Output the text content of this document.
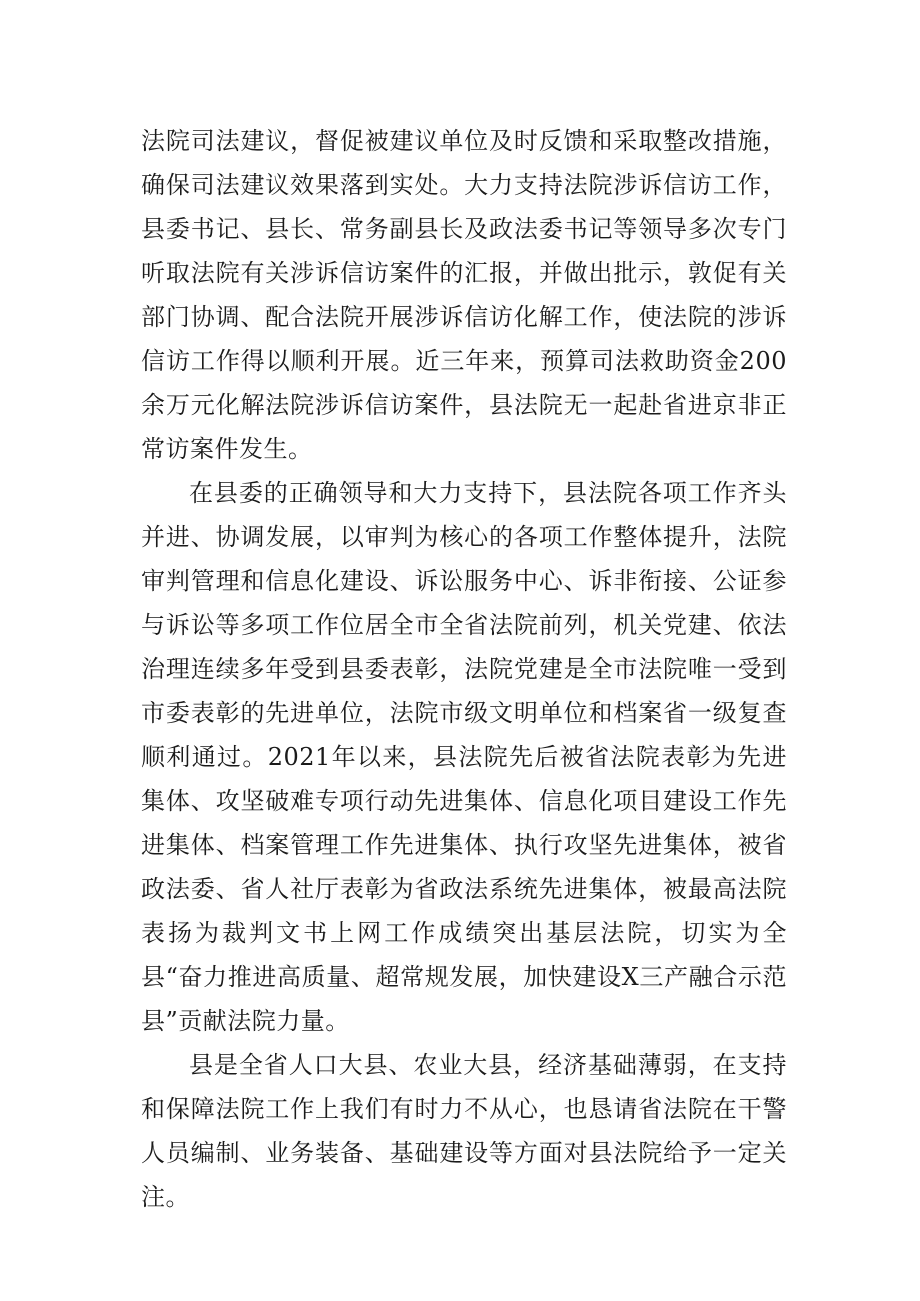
法院司法建议，督促被建议单位及时反馈和采取整改措施，确保司法建议效果落到实处。大力支持法院涉诉信访工作，县委书记、县长、常务副县长及政法委书记等领导多次专门听取法院有关涉诉信访案件的汇报，并做出批示，敦促有关部门协调、配合法院开展涉诉信访化解工作，使法院的涉诉信访工作得以顺利开展。近三年来，预算司法救助资金200余万元化解法院涉诉信访案件，县法院无一起赴省进京非正常访案件发生。

在县委的正确领导和大力支持下，县法院各项工作齐头并进、协调发展，以审判为核心的各项工作整体提升，法院审判管理和信息化建设、诉讼服务中心、诉非衔接、公证参与诉讼等多项工作位居全市全省法院前列，机关党建、依法治理连续多年受到县委表彰，法院党建是全市法院唯一受到市委表彰的先进单位，法院市级文明单位和档案省一级复查顺利通过。2021年以来，县法院先后被省法院表彰为先进集体、攻坚破难专项行动先进集体、信息化项目建设工作先进集体、档案管理工作先进集体、执行攻坚先进集体，被省政法委、省人社厅表彰为省政法系统先进集体，被最高法院表扬为裁判文书上网工作成绩突出基层法院，切实为全县“奋力推进高质量、超常规发展，加快建设X三产融合示范县”贡献法院力量。

县是全省人口大县、农业大县，经济基础薄弱，在支持和保障法院工作上我们有时力不从心，也恳请省法院在干警人员编制、业务装备、基础建设等方面对县法院给予一定关注。
